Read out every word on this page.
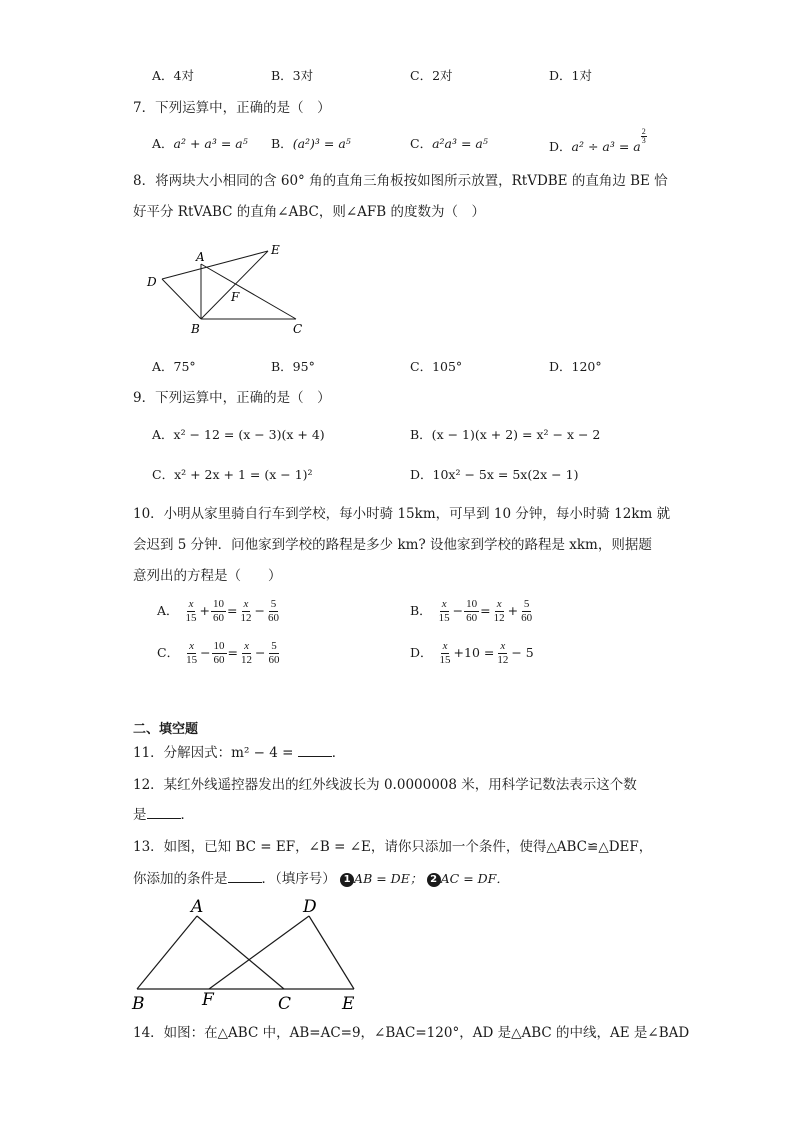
A．4对	B．3对	C．2对	D．1对
7．下列运算中，正确的是（　）
A．a² + a³ = a⁵ B．(a²)³ = a⁵	C．a²a³ = a⁵	D．a² ÷ a³ = a
$\frac{2}{3}$
8．将两块大小相同的含 60° 角的直角三角板按如图所示放置，RtVDBE 的直角边 BE 恰
好平分 RtVABC 的直角∠ABC，则∠AFB 的度数为（　）
A	E
D
F
B	C
A．75°	B．95°	C．105°	D．120°
9．下列运算中，正确的是（　）
A．x² − 12 = (x − 3)(x + 4)	B．(x − 1)(x + 2) = x² − x − 2
C．x² + 2x + 1 = (x − 1)²	D．10x² − 5x = 5x(2x − 1)
10．小明从家里骑自行车到学校，每小时骑 15km，可早到 10 分钟，每小时骑 12km 就
会迟到 5 分钟．问他家到学校的路程是多少 km? 设他家到学校的路程是 xkm，则据题
意列出的方程是（　　）
A． $\frac{x}{15} + \frac{10}{60} = \frac{x}{12} - \frac{5}{60}$	B． $\frac{x}{15} - \frac{10}{60} = \frac{x}{12} + \frac{5}{60}$
C． $\frac{x}{15} - \frac{10}{60} = \frac{x}{12} - \frac{5}{60}$	D． $\frac{x}{15} +10 = \frac{x}{12} - 5$
二、填空题
11．分解因式：m² − 4 =	．
12．某红外线遥控器发出的红外线波长为 0.0000008 米，用科学记数法表示这个数
是	．
13．如图，已知 BC = EF，∠B = ∠E，请你只添加一个条件，使得△ABC≌△DEF，
你添加的条件是	．（填序号） 1 AB = DE； 2 AC = DF．
A	D
B	F	C	E
14．如图：在△ABC 中，AB=AC=9，∠BAC=120°，AD 是△ABC 的中线，AE 是∠BAD
